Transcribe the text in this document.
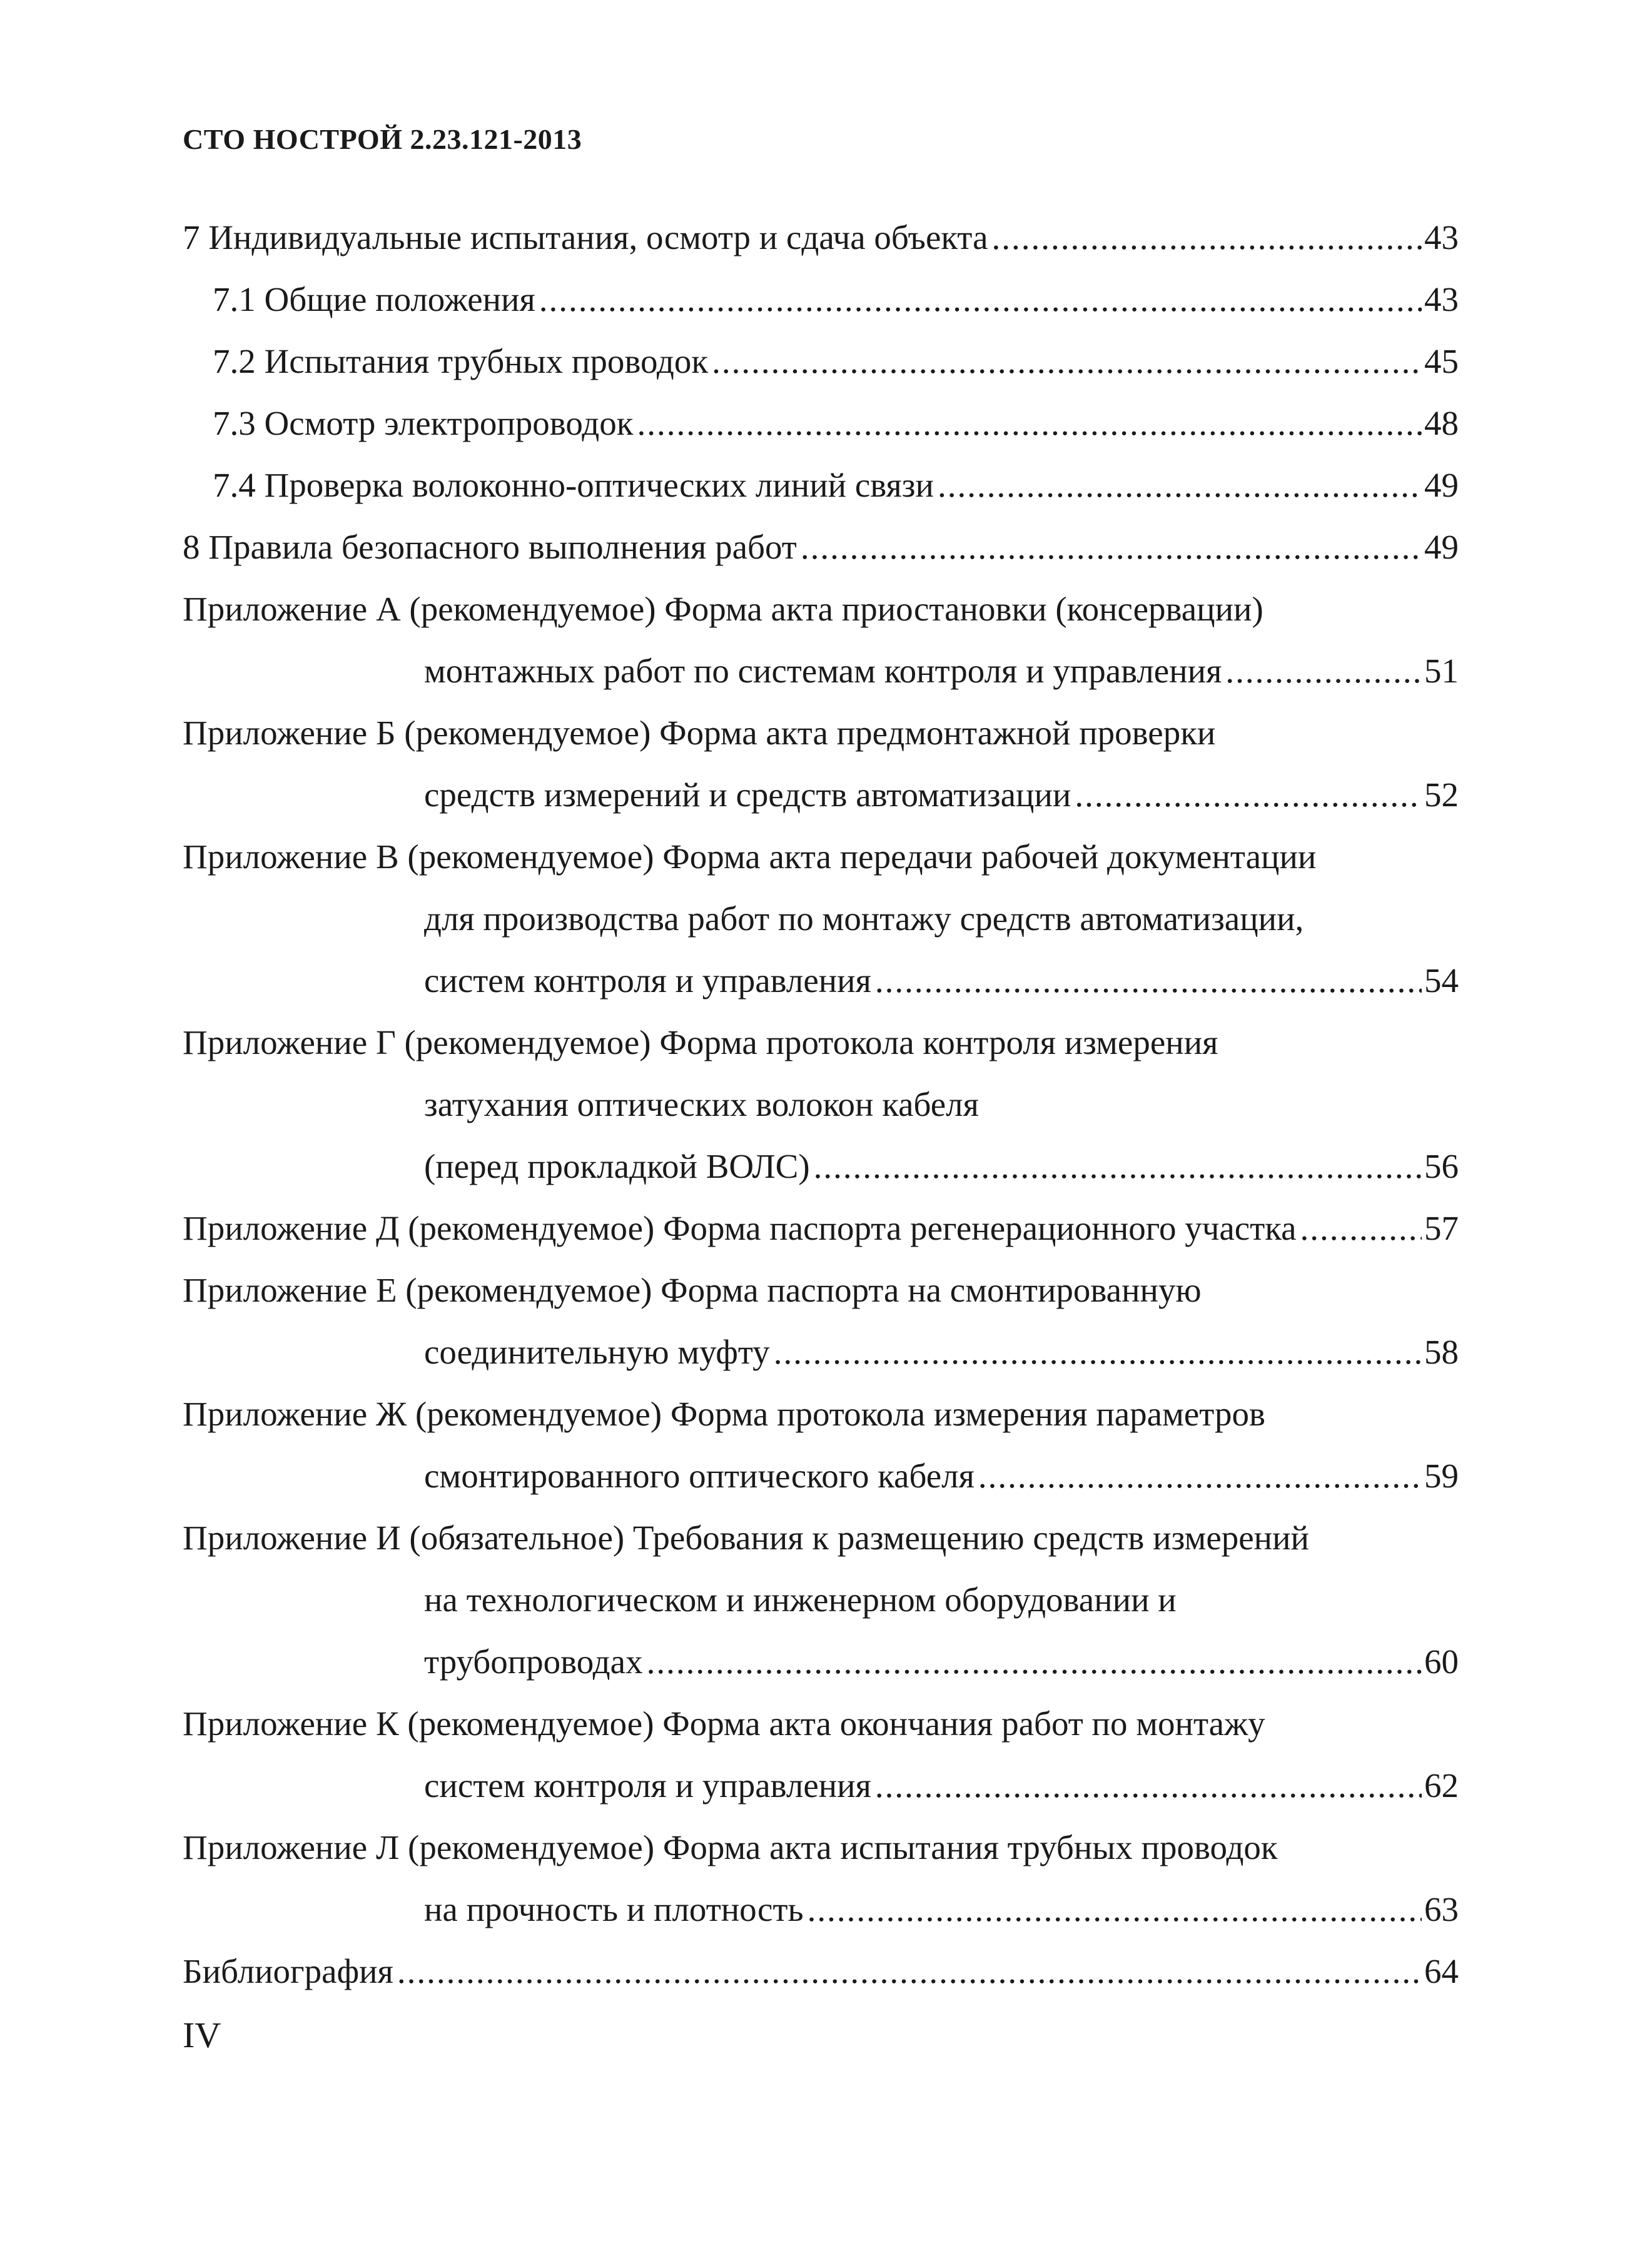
СТО НОСТРОЙ 2.23.121-2013
7 Индивидуальные испытания, осмотр и сдача объекта .....	43
7.1 Общие положения .....	43
7.2 Испытания трубных проводок .....	45
7.3 Осмотр электропроводок .....	48
7.4 Проверка волоконно-оптических линий связи .....	49
8 Правила безопасного выполнения работ .....	49
Приложение А (рекомендуемое) Форма акта приостановки (консервации)
монтажных работ по системам контроля и управления .....	51
Приложение Б (рекомендуемое) Форма акта предмонтажной проверки
средств измерений и средств автоматизации .....	52
Приложение В (рекомендуемое) Форма акта передачи рабочей документации
для производства работ по монтажу средств автоматизации,
систем контроля и управления .....	54
Приложение Г (рекомендуемое) Форма протокола контроля измерения
затухания оптических волокон кабеля
(перед прокладкой ВОЛС) .....	56
Приложение Д (рекомендуемое) Форма паспорта регенерационного участка .....	57
Приложение Е (рекомендуемое) Форма паспорта на смонтированную
соединительную муфту .....	58
Приложение Ж (рекомендуемое) Форма протокола измерения параметров
смонтированного оптического кабеля .....	59
Приложение И (обязательное) Требования к размещению средств измерений
на технологическом и инженерном оборудовании и
трубопроводах .....	60
Приложение К (рекомендуемое) Форма акта окончания работ по монтажу
систем контроля и управления .....	62
Приложение Л (рекомендуемое) Форма акта испытания трубных проводок
на прочность и плотность .....	63
Библиография .....	64
IV
